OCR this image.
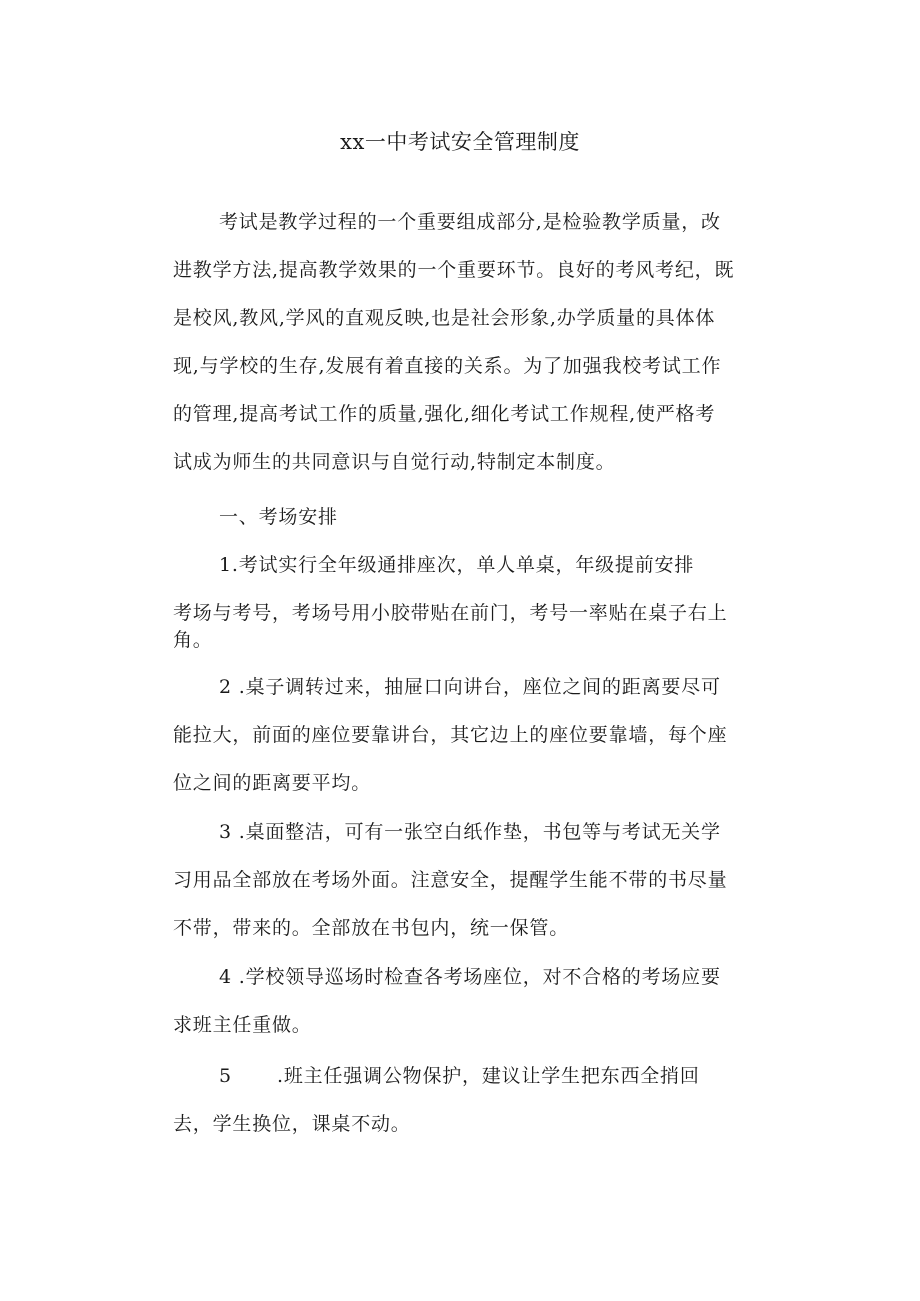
xx一中考试安全管理制度
考试是教学过程的一个重要组成部分,是检验教学质量，改
进教学方法,提高教学效果的一个重要环节。良好的考风考纪，既
是校风,教风,学风的直观反映,也是社会形象,办学质量的具体体
现,与学校的生存,发展有着直接的关系。为了加强我校考试工作
的管理,提高考试工作的质量,强化,细化考试工作规程,使严格考
试成为师生的共同意识与自觉行动,特制定本制度。
一、考场安排
1.考试实行全年级通排座次，单人单桌，年级提前安排
考场与考号，考场号用小胶带贴在前门，考号一率贴在桌子右上
角。
2 .桌子调转过来，抽屉口向讲台，座位之间的距离要尽可
能拉大，前面的座位要靠讲台，其它边上的座位要靠墙，每个座
位之间的距离要平均。
3 .桌面整洁，可有一张空白纸作垫，书包等与考试无关学
习用品全部放在考场外面。注意安全，提醒学生能不带的书尽量
不带，带来的。全部放在书包内，统一保管。
4 .学校领导巡场时检查各考场座位，对不合格的考场应要
求班主任重做。
5 .班主任强调公物保护，建议让学生把东西全捎回
去，学生换位，课桌不动。
